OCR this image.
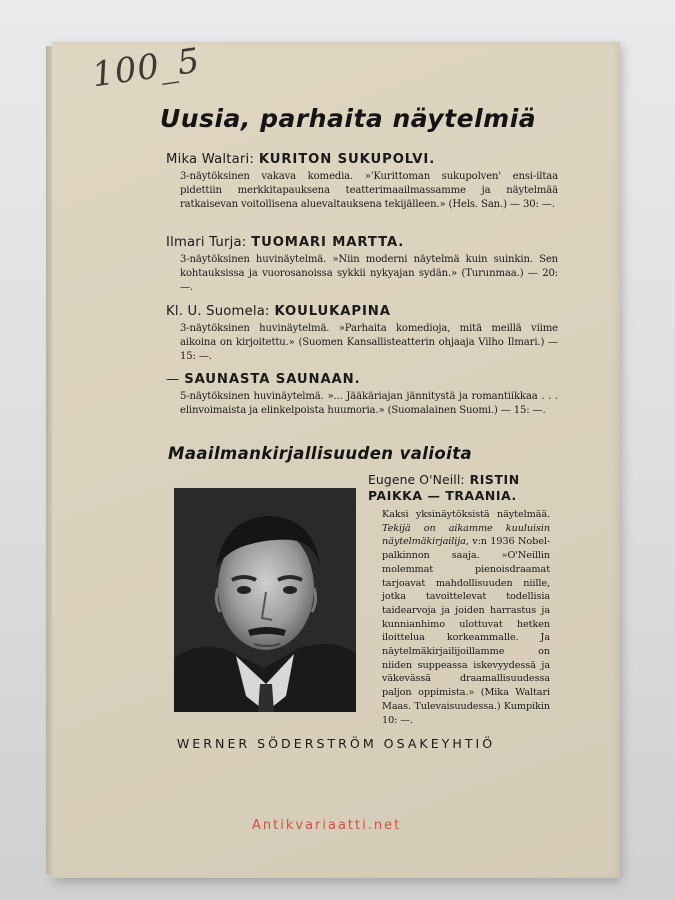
100_5
Uusia, parhaita näytelmiä
Mika Waltari: KURITON SUKUPOLVI.
3-näytöksinen vakava komedia. »'Kurittoman sukupolven' ensi-iltaa pidettiin merkkitapauksena teatterimaailmassamme ja näytelmää ratkaisevan voitollisena aluevaltauksena tekijälleen.» (Hels. San.) — 30: —.
Ilmari Turja: TUOMARI MARTTA.
3-näytöksinen huvinäytelmä. »Niin moderni näytelmä kuin suinkin. Sen kohtauksissa ja vuorosanoissa sykkii nykyajan sydän.» (Turunmaa.) — 20: —.
Kl. U. Suomela: KOULUKAPINA
3-näytöksinen huvinäytelmä. »Parhaita komedioja, mitä meillä viime aikoina on kirjoitettu.» (Suomen Kansallisteatterin ohjaaja Vilho Ilmari.) — 15: —.
— SAUNASTA SAUNAAN.
5-näytöksinen huvinäytelmä. »... Jääkäriajan jännitystä ja romantiikkaa . . . elinvoimaista ja elinkelpoista huumoria.» (Suomalainen Suomi.) — 15: —.
Maailmankirjallisuuden valioita
Eugene O'Neill: RISTIN PAIKKA — TRAANIA.
Kaksi yksinäytöksistä näytelmää. Tekijä on aikamme kuuluisin näytelmäkirjailija, v:n 1936 Nobel-palkinnon saaja. »O'Neillin molemmat pienoisdraamat tarjoavat mahdollisuuden niille, jotka tavoittelevat todellisia taidearvoja ja joiden harrastus ja kunnianhimo ulottuvat hetken iloittelua korkeammalle. Ja näytelmäkirjailijoillamme on niiden suppeassa iskevyydessä ja väkevässä draamallisuudessa paljon oppimista.» (Mika Waltari Maas. Tulevaisuudessa.) Kumpikin 10: —.
WERNER SÖDERSTRÖM OSAKEYHTIÖ
Antikvariaatti.net
